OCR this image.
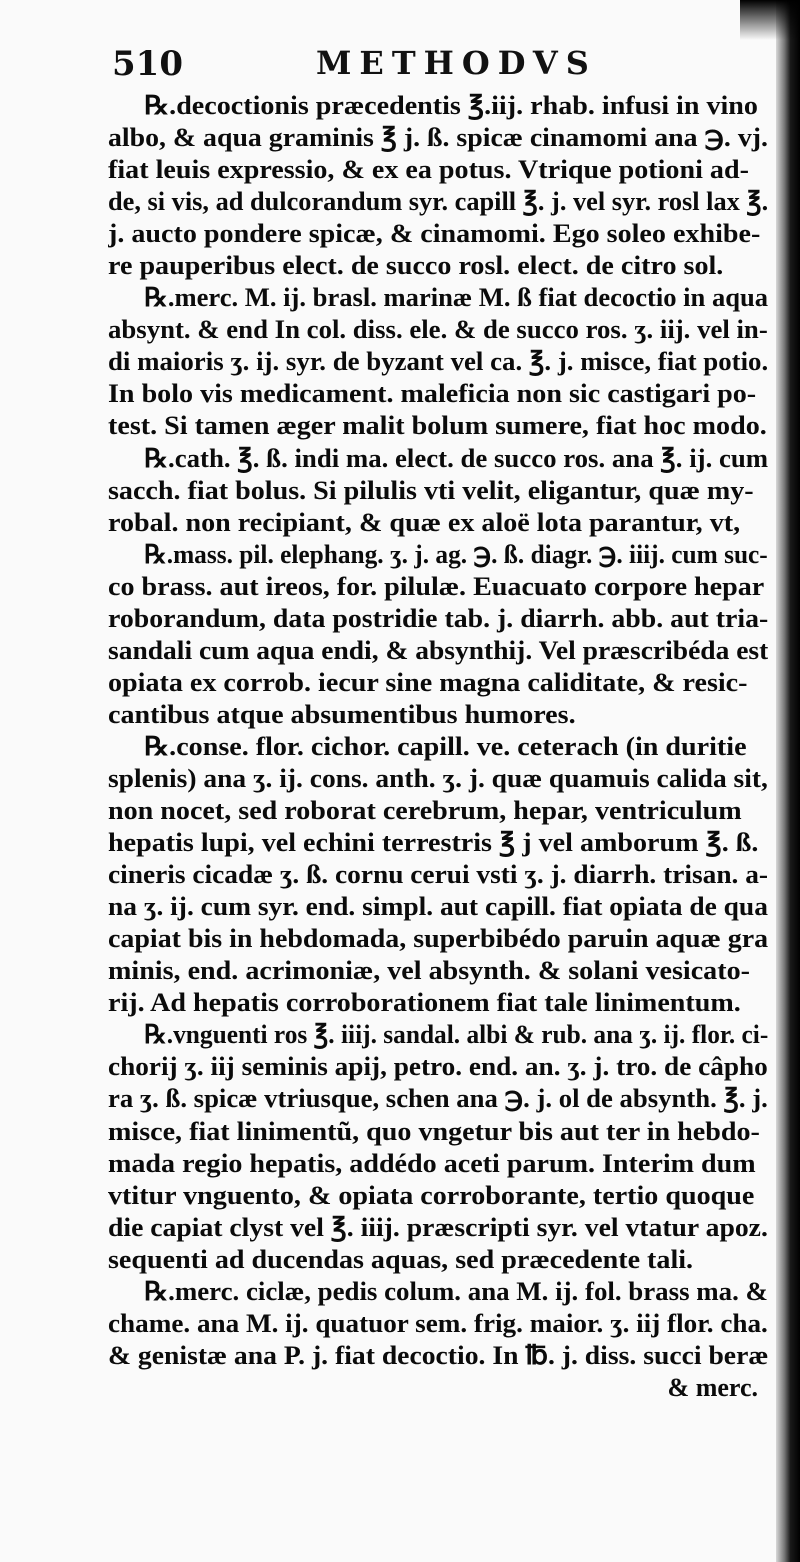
510	METHODVS
℞.decoctionis præcedentis ℥.iij. rhab. infusi in vino
albo, & aqua graminis ℥ j. ß. spicæ cinamomi ana ℈. vj.
fiat leuis expressio, & ex ea potus. Vtrique potioni ad-
de, si vis, ad dulcorandum syr. capill ℥. j. vel syr. rosl lax ℥.
j. aucto pondere spicæ, & cinamomi. Ego soleo exhibe-
re pauperibus elect. de succo rosl. elect. de citro sol.
℞.merc. M. ij. brasl. marinæ M. ß fiat decoctio in aqua
absynt. & end In col. diss. ele. & de succo ros. ʒ. iij. vel in-
di maioris ʒ. ij. syr. de byzant vel ca. ℥. j. misce, fiat potio.
In bolo vis medicament. maleficia non sic castigari po-
test. Si tamen æger malit bolum sumere, fiat hoc modo.
℞.cath. ℥. ß. indi ma. elect. de succo ros. ana ℥. ij. cum
sacch. fiat bolus. Si pilulis vti velit, eligantur, quæ my-
robal. non recipiant, & quæ ex aloë lota parantur, vt,
℞.mass. pil. elephang. ʒ. j. ag. ℈. ß. diagr. ℈. iiij. cum suc-
co brass. aut ireos, for. pilulæ. Euacuato corpore hepar
roborandum, data postridie tab. j. diarrh. abb. aut tria-
sandali cum aqua endi, & absynthij. Vel præscribéda est
opiata ex corrob. iecur sine magna caliditate, & resic-
cantibus atque absumentibus humores.
℞.conse. flor. cichor. capill. ve. ceterach (in duritie
splenis) ana ʒ. ij. cons. anth. ʒ. j. quæ quamuis calida sit,
non nocet, sed roborat cerebrum, hepar, ventriculum
hepatis lupi, vel echini terrestris ℥ j vel amborum ℥. ß.
cineris cicadæ ʒ. ß. cornu cerui vsti ʒ. j. diarrh. trisan. a-
na ʒ. ij. cum syr. end. simpl. aut capill. fiat opiata de qua
capiat bis in hebdomada, superbibédo paruin aquæ gra
minis, end. acrimoniæ, vel absynth. & solani vesicato-
rij. Ad hepatis corroborationem fiat tale linimentum.
℞.vnguenti ros ℥. iiij. sandal. albi & rub. ana ʒ. ij. flor. ci-
chorij ʒ. iij seminis apij, petro. end. an. ʒ. j. tro. de câpho
ra ʒ. ß. spicæ vtriusque, schen ana ℈. j. ol de absynth. ℥. j.
misce, fiat linimentũ, quo vngetur bis aut ter in hebdo-
mada regio hepatis, addédo aceti parum. Interim dum
vtitur vnguento, & opiata corroborante, tertio quoque
die capiat clyst vel ℥. iiij. præscripti syr. vel vtatur apoz.
sequenti ad ducendas aquas, sed præcedente tali.
℞.merc. ciclæ, pedis colum. ana M. ij. fol. brass ma. &
chame. ana M. ij. quatuor sem. frig. maior. ʒ. iij flor. cha.
& genistæ ana P. j. fiat decoctio. In ℔. j. diss. succi beræ
& merc.
